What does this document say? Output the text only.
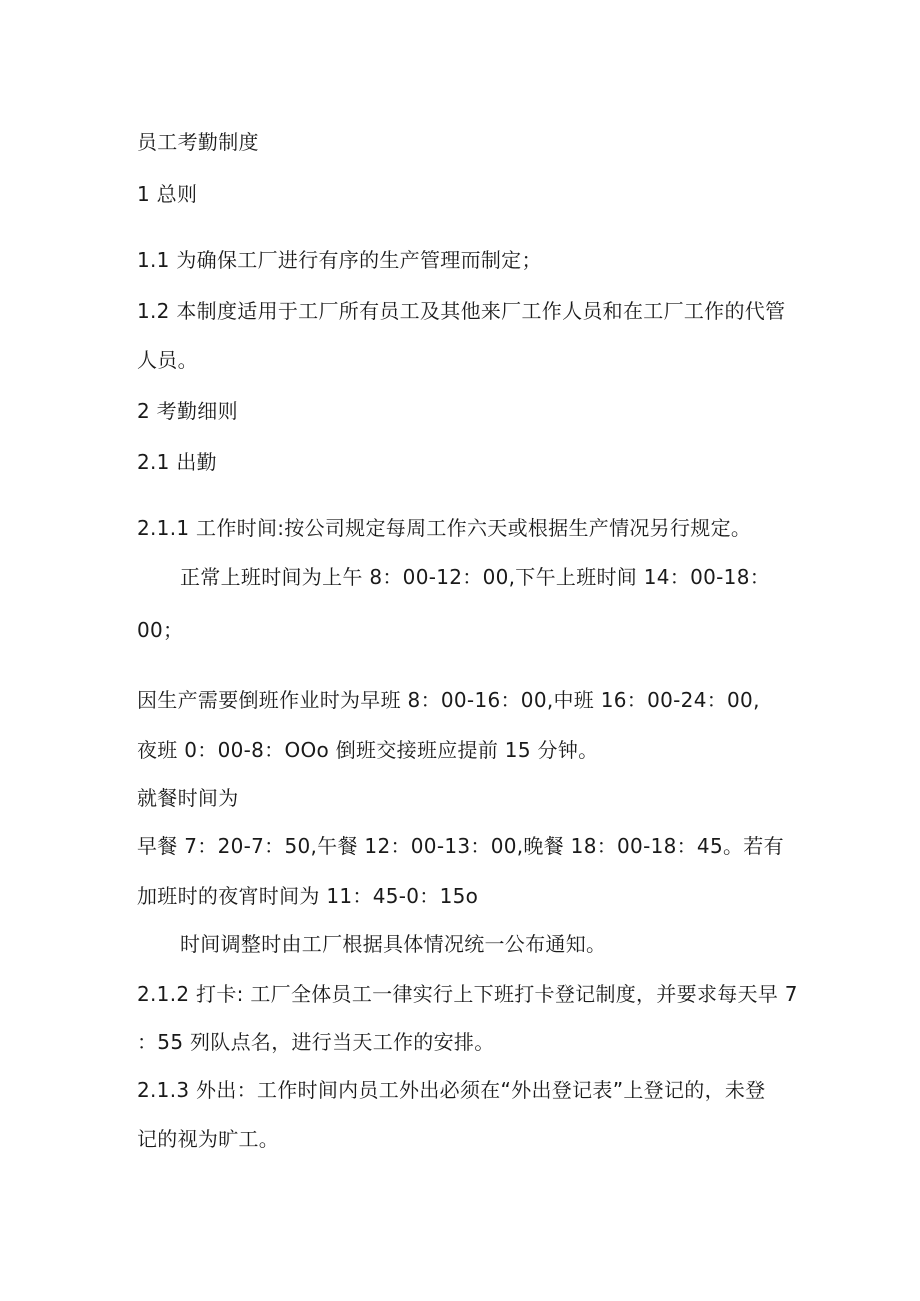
员工考勤制度
1 总则
1.1 为确保工厂进行有序的生产管理而制定；
1.2 本制度适用于工厂所有员工及其他来厂工作人员和在工厂工作的代管
人员。
2 考勤细则
2.1 出勤
2.1.1 工作时间:按公司规定每周工作六天或根据生产情况另行规定。
正常上班时间为上午 8：00-12：00,下午上班时间 14：00-18：
00；
因生产需要倒班作业时为早班 8：00-16：00,中班 16：00-24：00,
夜班 0：00-8：OOo 倒班交接班应提前 15 分钟。
就餐时间为
早餐 7：20-7：50,午餐 12：00-13：00,晚餐 18：00-18：45。若有
加班时的夜宵时间为 11：45-0：15o
时间调整时由工厂根据具体情况统一公布通知。
2.1.2 打卡: 工厂全体员工一律实行上下班打卡登记制度，并要求每天早 7
：55 列队点名，进行当天工作的安排。
2.1.3 外出：工作时间内员工外出必须在“外出登记表”上登记的，未登
记的视为旷工。
